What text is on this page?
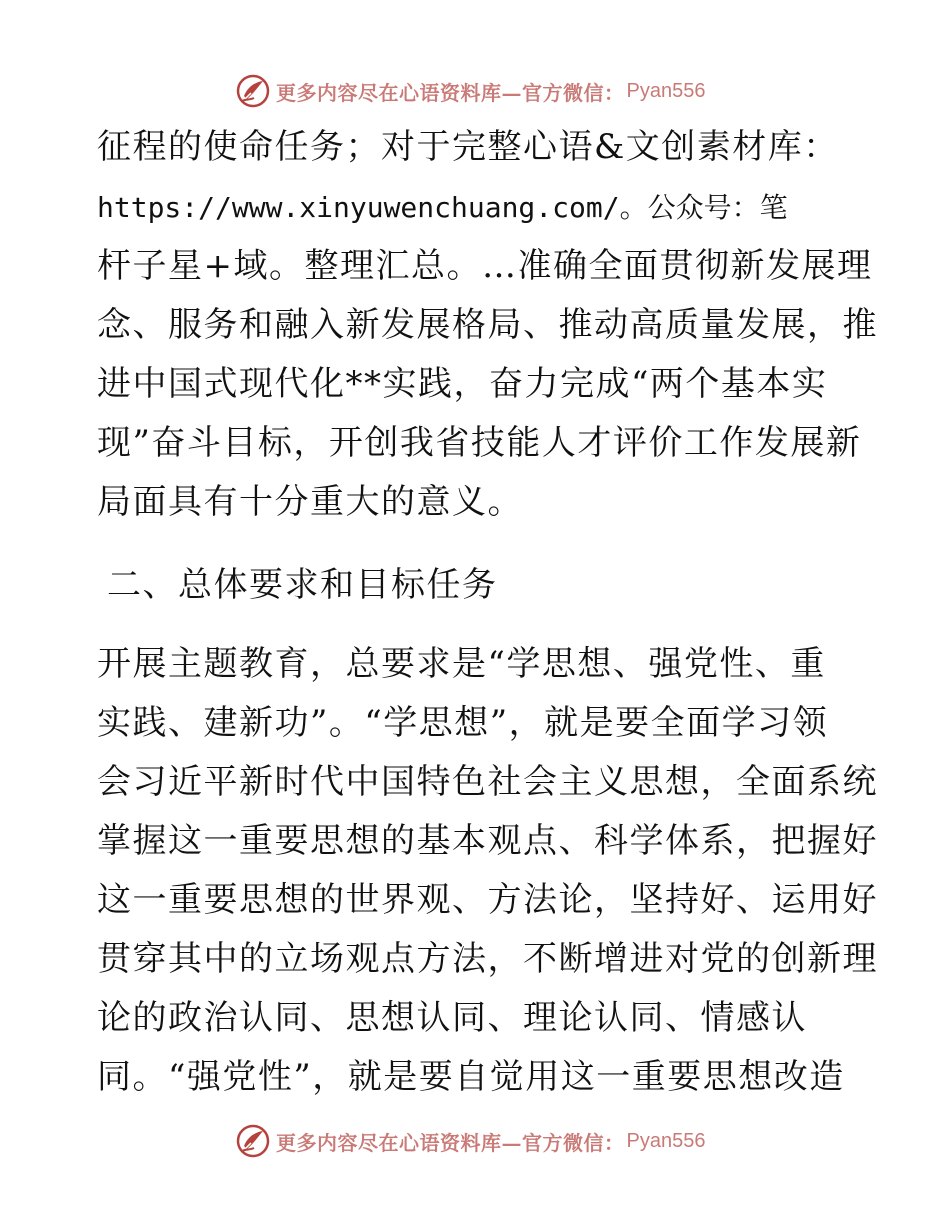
更多内容尽在心语资料库—官方微信： Pyan556

征程的使命任务；对于完整心语&文创素材库：
https://www.xinyuwenchuang.com/。公众号：笔
杆子星+域。整理汇总。…准确全面贯彻新发展理
念、服务和融入新发展格局、推动高质量发展，推
进中国式现代化**实践，奋力完成“两个基本实
现”奋斗目标，开创我省技能人才评价工作发展新
局面具有十分重大的意义。

二、总体要求和目标任务

开展主题教育，总要求是“学思想、强党性、重
实践、建新功”。“学思想”，就是要全面学习领
会习近平新时代中国特色社会主义思想，全面系统
掌握这一重要思想的基本观点、科学体系，把握好
这一重要思想的世界观、方法论，坚持好、运用好
贯穿其中的立场观点方法，不断增进对党的创新理
论的政治认同、思想认同、理论认同、情感认
同。“强党性”，就是要自觉用这一重要思想改造

更多内容尽在心语资料库—官方微信： Pyan556
